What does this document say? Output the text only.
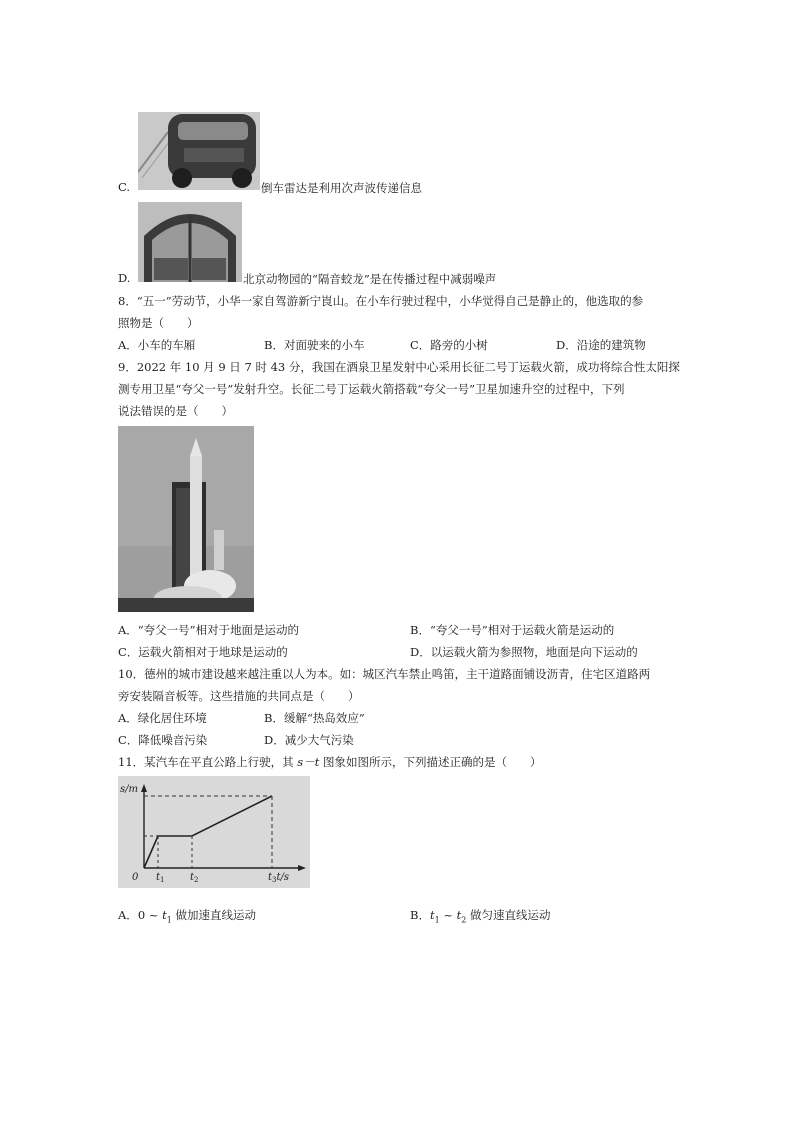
C.	倒车雷达是利用次声波传递信息
D.	北京动物园的“隔音蛟龙”是在传播过程中减弱噪声
8．“五一”劳动节，小华一家自驾游新宁崀山。在小车行驶过程中，小华觉得自己是静止的，他选取的参
照物是（　　）
A．小车的车厢	B．对面驶来的小车	C．路旁的小树	D．沿途的建筑物
9．2022 年 10 月 9 日 7 时 43 分，我国在酒泉卫星发射中心采用长征二号丁运载火箭，成功将综合性太阳探
测专用卫星“夸父一号”发射升空。长征二号丁运载火箭搭载“夸父一号”卫星加速升空的过程中，下列
说法错误的是（　　）
A．“夸父一号”相对于地面是运动的	B．“夸父一号”相对于运载火箭是运动的
C．运载火箭相对于地球是运动的	D．以运载火箭为参照物，地面是向下运动的
10．德州的城市建设越来越注重以人为本。如：城区汽车禁止鸣笛，主干道路面铺设沥青，住宅区道路两
旁安装隔音板等。这些措施的共同点是（　　）
A．绿化居住环境	B．缓解“热岛效应”
C．降低噪音污染	D．减少大气污染
11．某汽车在平直公路上行驶，其 s－t 图象如图所示，下列描述正确的是（　　）
s/m
0 $t_1$	$t_2$	$t_3t/s$
A．0 ~ $t_1$ 做加速直线运动	B．$t_1$ ~ $t_2$ 做匀速直线运动
